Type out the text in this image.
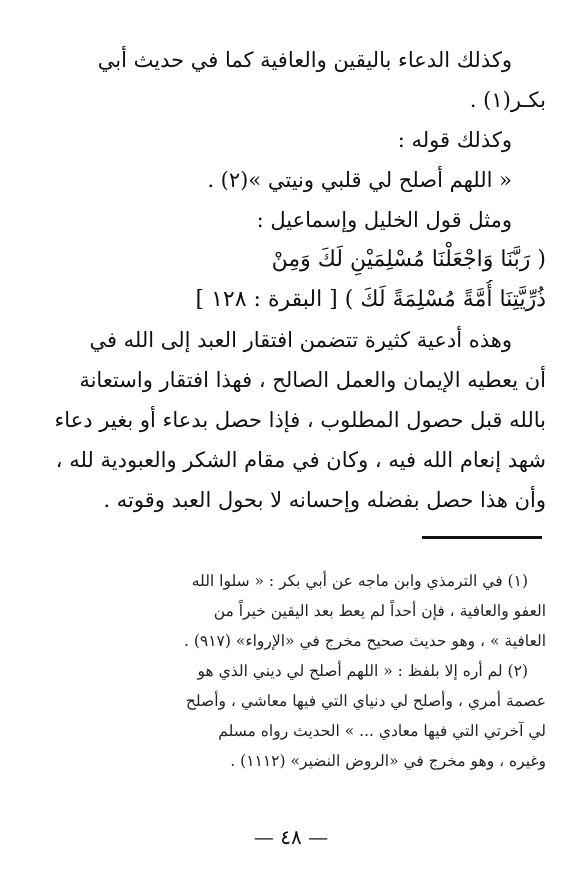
وكذلك الدعاء باليقين والعافية كما في حديث أبي
بكـر(١) .
وكذلك قوله :
« اللهم أصلح لي قلبي ونيتي »(٢) .
ومثل قول الخليل وإسماعيل :
( رَبَّنَا وَاجْعَلْنَا مُسْلِمَيْنِ لَكَ وَمِنْ
ذُرِّيَّتِنَا أُمَّةً مُسْلِمَةً لَكَ ) [ البقرة : ١٢٨ ]
وهذه أدعية كثيرة تتضمن افتقار العبد إلى الله في
أن يعطيه الإيمان والعمل الصالح ، فهذا افتقار واستعانة
بالله قبل حصول المطلوب ، فإذا حصل بدعاء أو بغير دعاء
شهد إنعام الله فيه ، وكان في مقام الشكر والعبودية لله ،
وأن هذا حصل بفضله وإحسانه لا بحول العبد وقوته .
(١) في الترمذي وابن ماجه عن أبي بكر : « سلوا الله
العفو والعافية ، فإن أحداً لم يعط بعد اليقين خيراً من
العافية » ، وهو حديث صحيح مخرج في «الإرواء» (٩١٧) .
(٢) لم أره إلا بلفظ : « اللهم أصلح لي ديني الذي هو
عصمة أمري ، وأصلح لي دنياي التي فيها معاشي ، وأصلح
لي آخرتي التي فيها معادي ... » الحديث رواه مسلم
وغيره ، وهو مخرج في «الروض النضير» (١١١٢) .
— ٤٨ —
